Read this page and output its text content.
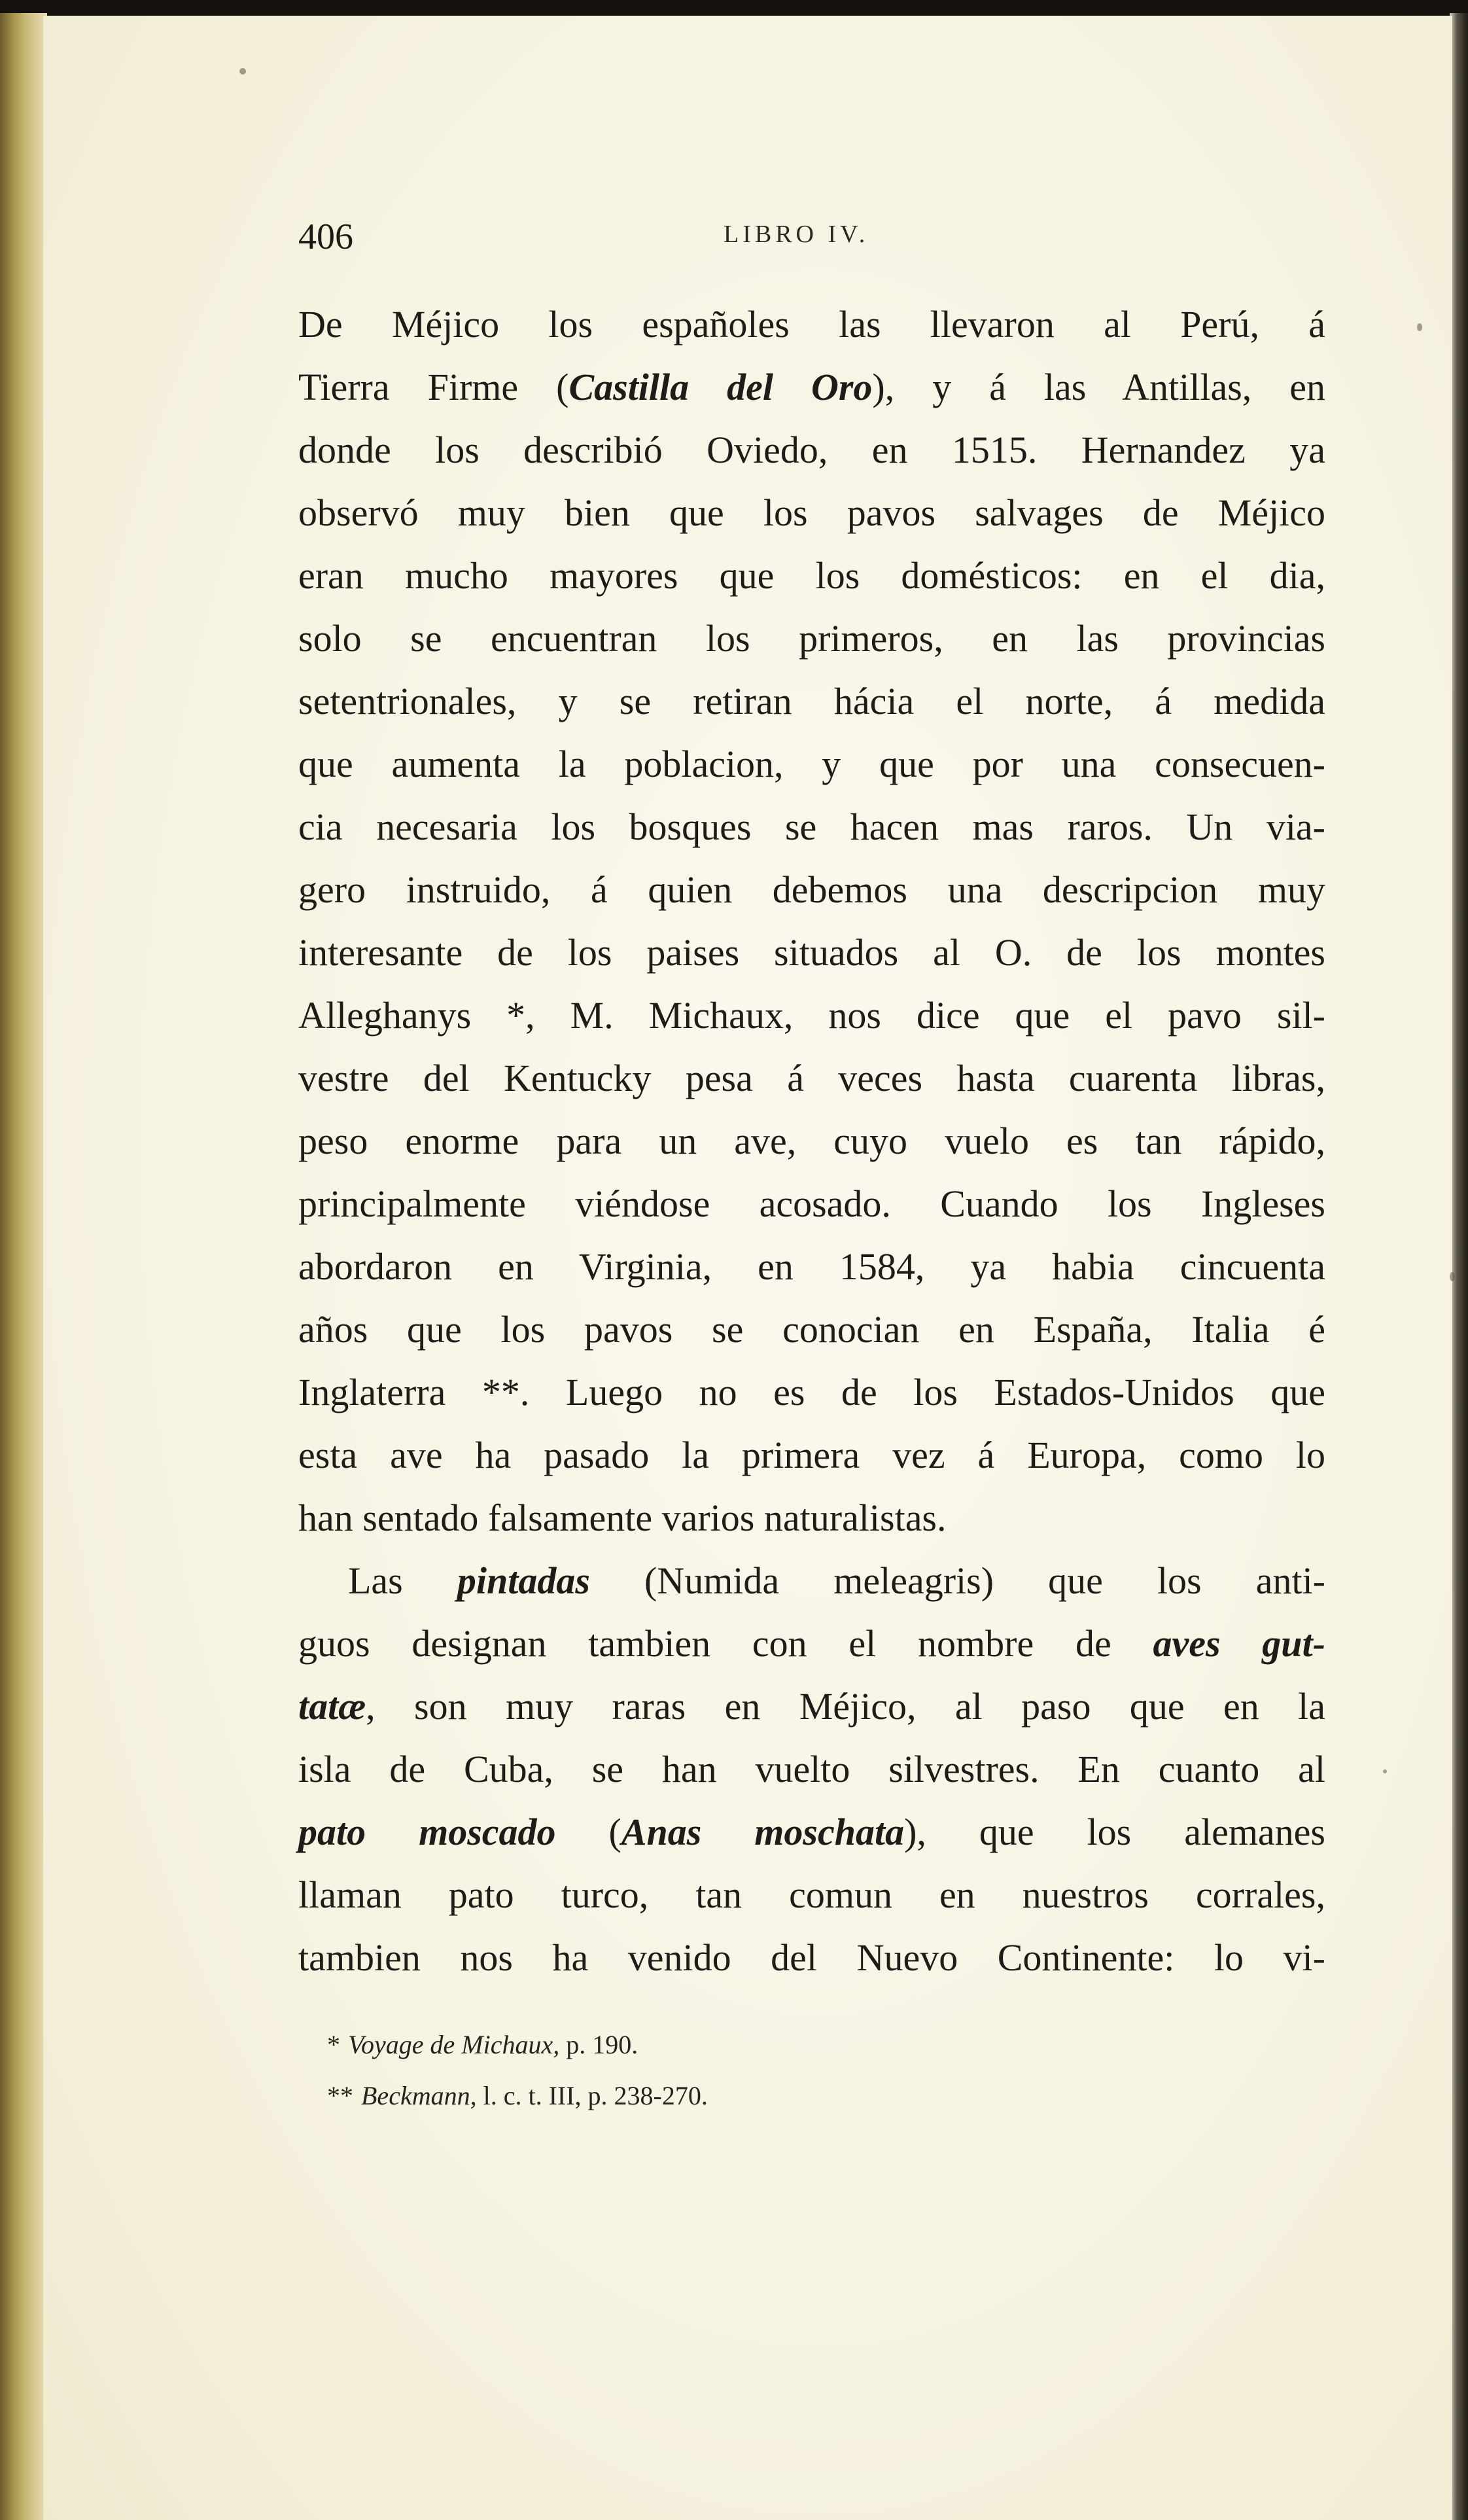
406	LIBRO IV.
De Méjico los españoles las llevaron al Perú, á
Tierra Firme (Castilla del Oro), y á las Antillas, en
donde los describió Oviedo, en 1515. Hernandez ya
observó muy bien que los pavos salvages de Méjico
eran mucho mayores que los domésticos: en el dia,
solo se encuentran los primeros, en las provincias
setentrionales, y se retiran hácia el norte, á medida
que aumenta la poblacion, y que por una consecuen-
cia necesaria los bosques se hacen mas raros. Un via-
gero instruido, á quien debemos una descripcion muy
interesante de los paises situados al O. de los montes
Alleghanys *, M. Michaux, nos dice que el pavo sil-
vestre del Kentucky pesa á veces hasta cuarenta libras,
peso enorme para un ave, cuyo vuelo es tan rápido,
principalmente viéndose acosado. Cuando los Ingleses
abordaron en Virginia, en 1584, ya habia cincuenta
años que los pavos se conocian en España, Italia é
Inglaterra **. Luego no es de los Estados-Unidos que
esta ave ha pasado la primera vez á Europa, como lo
han sentado falsamente varios naturalistas.
Las pintadas (Numida meleagris) que los anti-
guos designan tambien con el nombre de aves gut-
tatæ, son muy raras en Méjico, al paso que en la
isla de Cuba, se han vuelto silvestres. En cuanto al
pato moscado (Anas moschata), que los alemanes
llaman pato turco, tan comun en nuestros corrales,
tambien nos ha venido del Nuevo Continente: lo vi-
* Voyage de Michaux, p. 190.
** Beckmann, l. c. t. III, p. 238-270.
